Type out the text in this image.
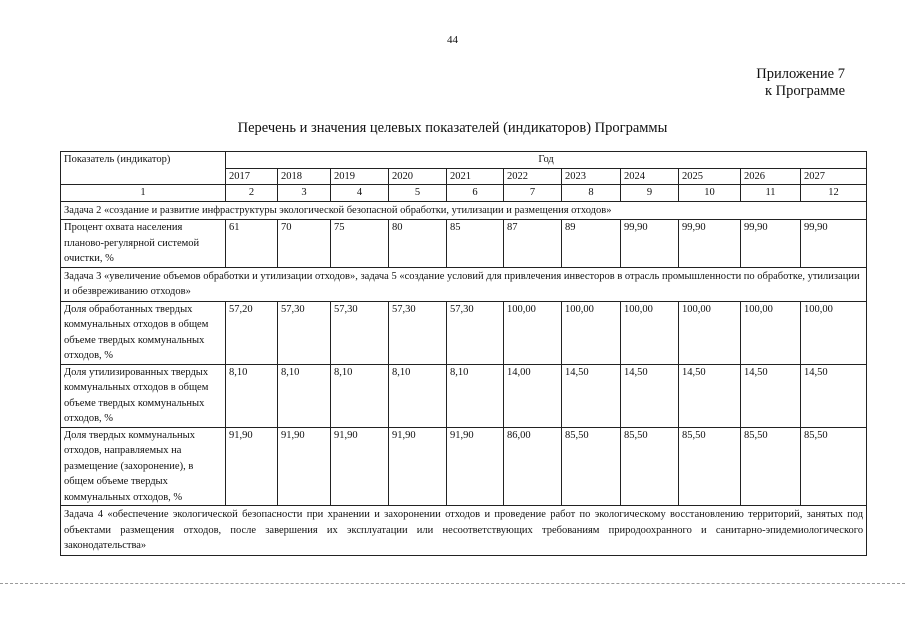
44
Приложение 7
к Программе
Перечень и значения целевых показателей (индикаторов) Программы
Показатель (индикатор)	Год										
	2017	2018	2019	2020	2021	2022	2023	2024	2025	2026	2027
1	2	3	4	5	6	7	8	9	10	11	12
Задача 2 «создание и развитие инфраструктуры экологической безопасной обработки, утилизации и размещения отходов»											
Процент охвата населения планово-регулярной системой очистки, %	61	70	75	80	85	87	89	99,90	99,90	99,90	99,90
Задача 3 «увеличение объемов обработки и утилизации отходов», задача 5 «создание условий для привлечения инвесторов в отрасль промышленности по обработке, утилизации и обезвреживанию отходов»											
Доля обработанных твердых коммунальных отходов в общем объеме твердых коммунальных отходов, %	57,20	57,30	57,30	57,30	57,30	100,00	100,00	100,00	100,00	100,00	100,00
Доля утилизированных твердых коммунальных отходов в общем объеме твердых коммунальных отходов, %	8,10	8,10	8,10	8,10	8,10	14,00	14,50	14,50	14,50	14,50	14,50
Доля твердых коммунальных отходов, направляемых на размещение (захоронение), в общем объеме твердых коммунальных отходов, %	91,90	91,90	91,90	91,90	91,90	86,00	85,50	85,50	85,50	85,50	85,50
Задача 4 «обеспечение экологической безопасности при хранении и захоронении отходов и проведение работ по экологическому восстановлению территорий, занятых под объектами размещения отходов, после завершения их эксплуатации или несоответствующих требованиям природоохранного и санитарно-эпидемиологического законодательства»											
